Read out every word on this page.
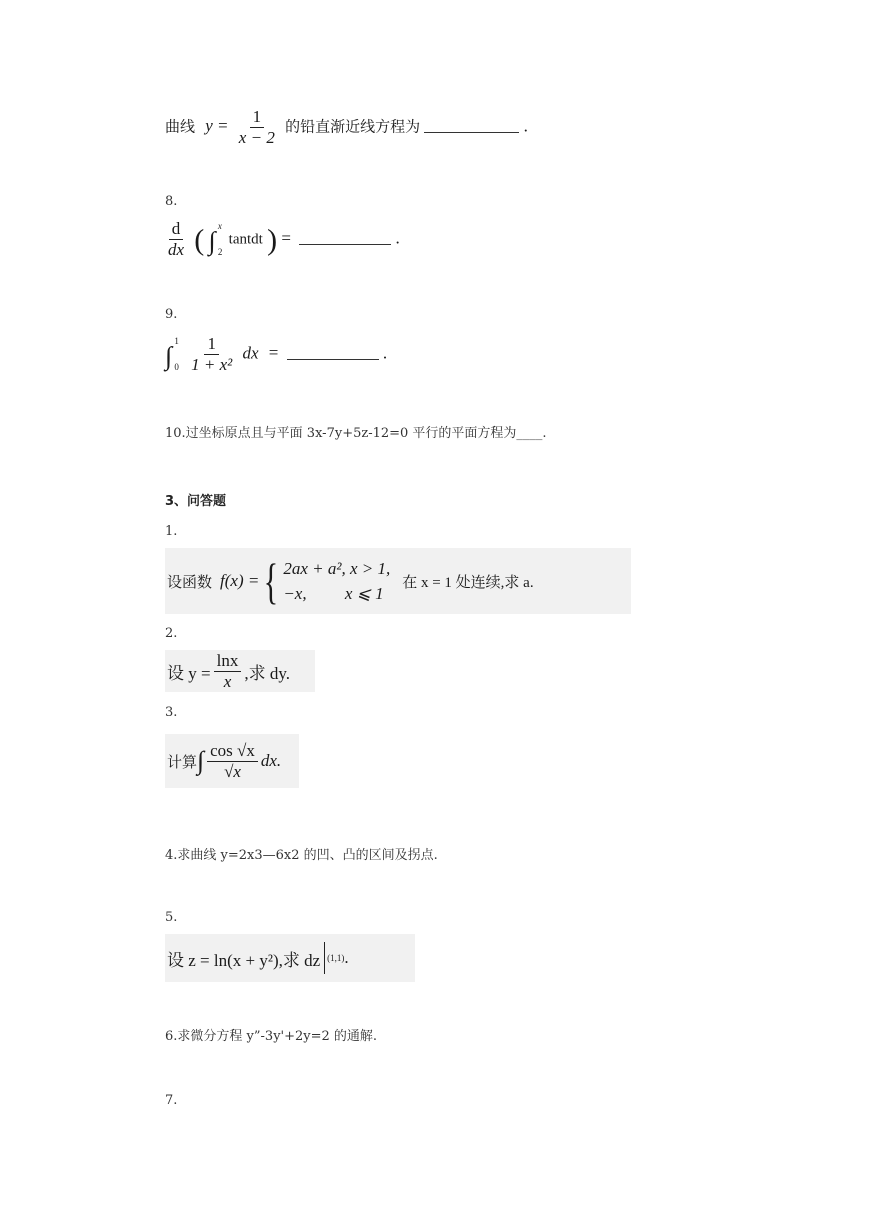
曲线 $y = \frac{1}{x - 2}$ 的铅直渐近线方程为	.
8.
$\frac{d}{dx}$ ( ∫ x
2
tantdt ) =	.
9.
∫ 1
0
$\frac{1}{\text{1 + x²}}$ dx =	.
10.过坐标原点且与平面 3x-7y+5z-12=0 平行的平面方程为____.
3、问答题
1.
设函数 f(x) = { 2ax + a², x > 1,
−x, x ⩽ 1
在 x = 1 处连续,求 a.
2.
设 $y = \frac{\ln x}{x}$ ,求 dy.
3.
计算 ∫ $\frac{\cos √x}{√x}$ dx.
4.求曲线 y=2x3—6x2 的凹、凸的区间及拐点.
5.
设 z = ln(x + y²),求 dz (1,1) .
6.求微分方程 y”-3y'+2y=2 的通解.
7.
